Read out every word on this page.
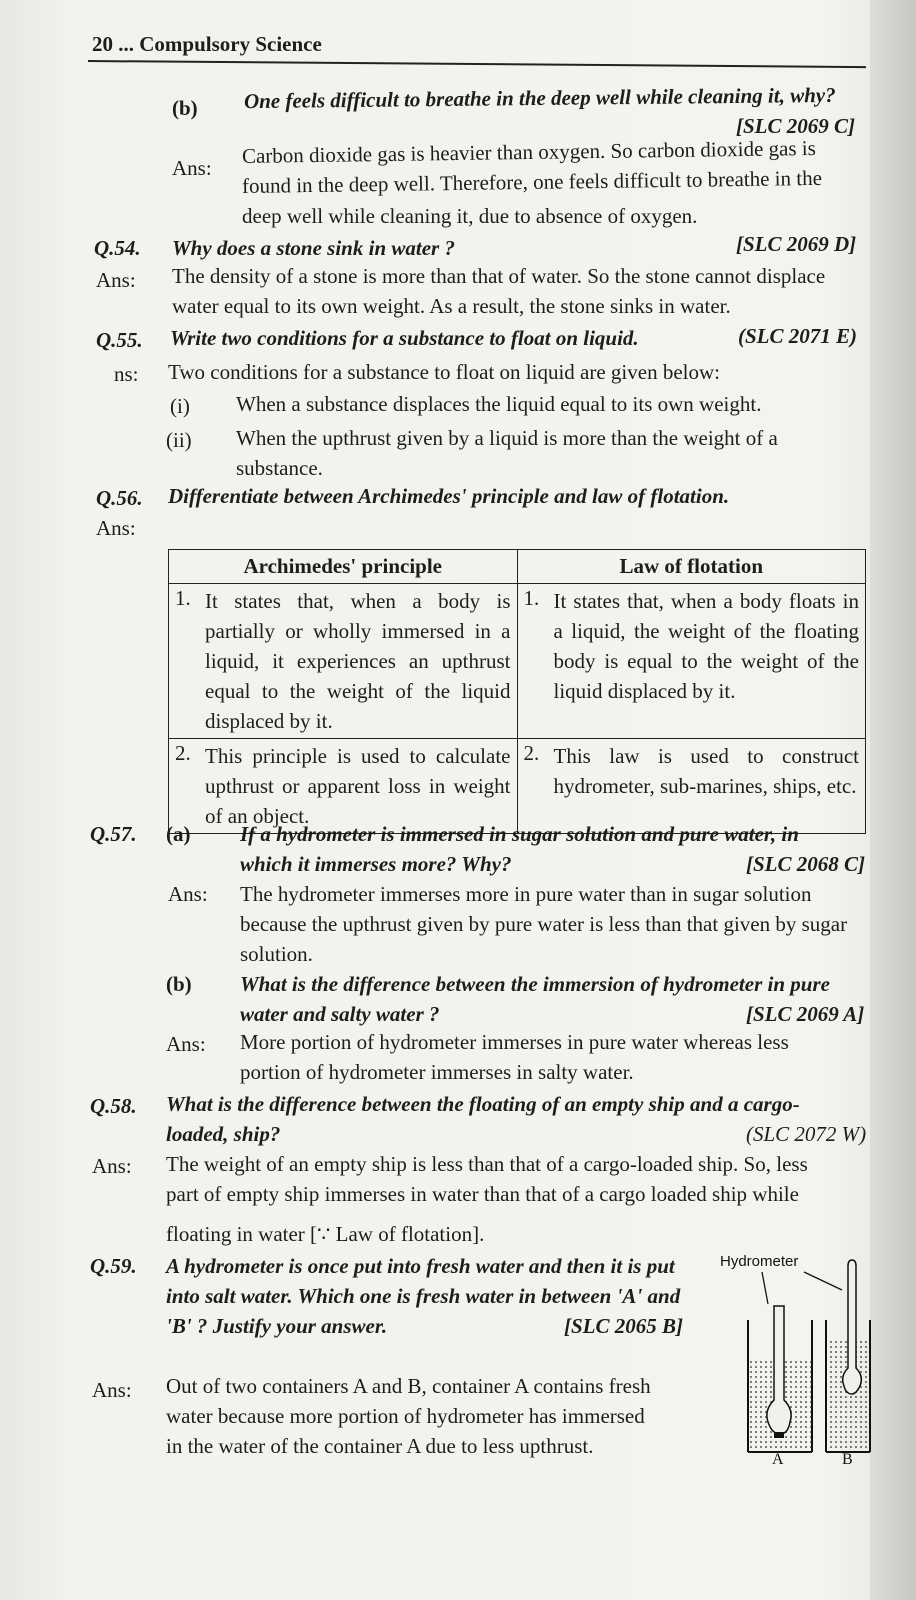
20 ... Compulsory Science
(b) One feels difficult to breathe in the deep well while cleaning it, why?
[SLC 2069 C]
Ans:
Carbon dioxide gas is heavier than oxygen. So carbon dioxide gas is
found in the deep well. Therefore, one feels difficult to breathe in the
deep well while cleaning it, due to absence of oxygen.
Q.54. Why does a stone sink in water ?	[SLC 2069 D]
Ans: The density of a stone is more than that of water. So the stone cannot displace
water equal to its own weight. As a result, the stone sinks in water.
Q.55. Write two conditions for a substance to float on liquid.	(SLC 2071 E)
ns: Two conditions for a substance to float on liquid are given below:
(i) When a substance displaces the liquid equal to its own weight.
(ii) When the upthrust given by a liquid is more than the weight of a
substance.
Q.56. Differentiate between Archimedes' principle and law of flotation.
Ans:
Archimedes' principle	Law of flotation

1. It states that, when a body is partially or wholly immersed in a liquid, it experiences an upthrust equal to the weight of the liquid displaced by it.	1. It states that, when a body floats in a liquid, the weight of the floating body is equal to the weight of the liquid displaced by it.

2. This principle is used to calculate upthrust or apparent loss in weight of an object.	2. This law is used to construct hydrometer, sub-marines, ships, etc.
Q.57. (a) If a hydrometer is immersed in sugar solution and pure water, in
which it immerses more? Why?	[SLC 2068 C]
Ans: The hydrometer immerses more in pure water than in sugar solution
because the upthrust given by pure water is less than that given by sugar
solution.
(b) What is the difference between the immersion of hydrometer in pure
water and salty water ?	[SLC 2069 A]
Ans: More portion of hydrometer immerses in pure water whereas less
portion of hydrometer immerses in salty water.
Q.58. What is the difference between the floating of an empty ship and a cargo-
loaded, ship?	(SLC 2072 W)
Ans: The weight of an empty ship is less than that of a cargo-loaded ship. So, less
part of empty ship immerses in water than that of a cargo loaded ship while
floating in water [∵ Law of flotation].
Q.59. A hydrometer is once put into fresh water and then it is put
into salt water. Which one is fresh water in between 'A' and
'B' ? Justify your answer.	[SLC 2065 B]
Ans: Out of two containers A and B, container A contains fresh
water because more portion of hydrometer has immersed
in the water of the container A due to less upthrust.
Hydrometer
A	B
